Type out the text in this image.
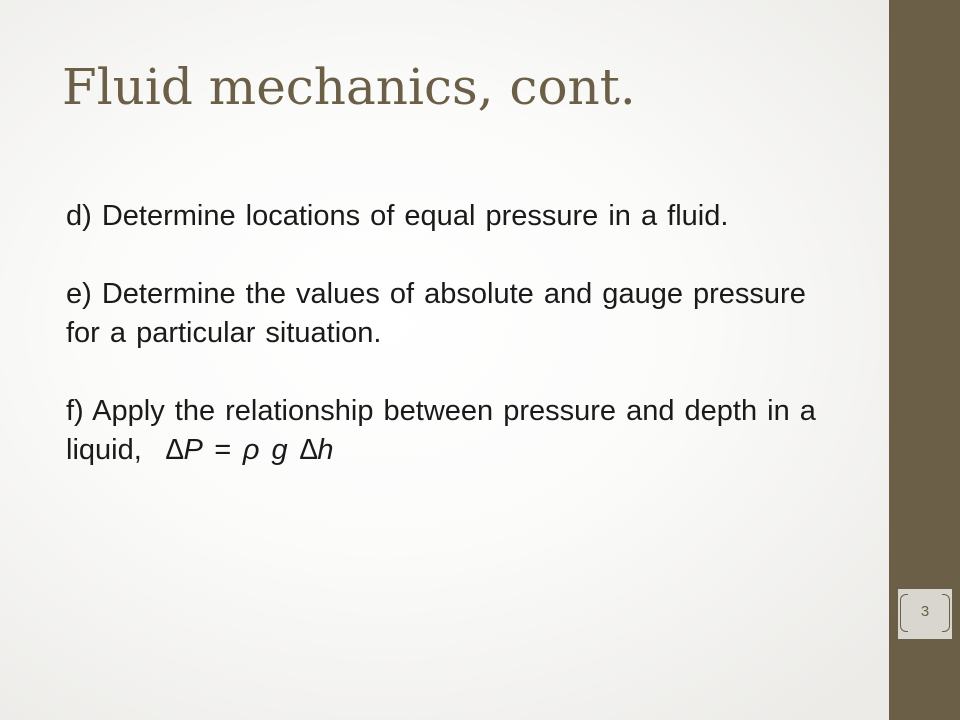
Fluid mechanics, cont.

d) Determine locations of equal pressure in a fluid.

e) Determine the values of absolute and gauge pressure for a particular situation.

f) Apply the relationship between pressure and depth in a liquid, ∆P = ρ g ∆h

3
